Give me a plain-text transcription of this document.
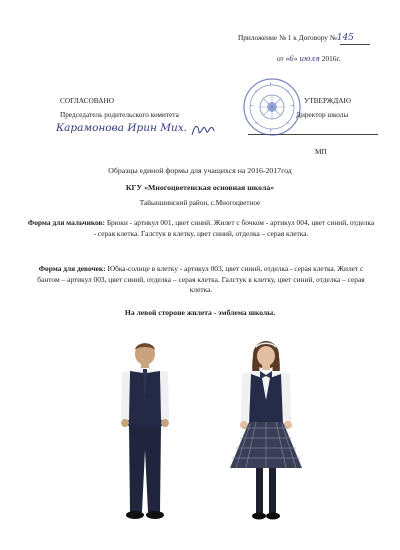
Приложение № 1 к Договору №145
от «6» июля 2016г.
СОГЛАСОВАНО
Председатель родительского комитета
Карамонова Ирин Мих.
УТВЕРЖДАЮ
Директор школы
МП
Образцы единой формы для учащихся на 2016-2017год
КГУ «Многоцветенская основная школа»
Тайыншинский район, с.Многоцветное
Форма для мальчиков: Брюки - артикул 001, цвет синий. Жилет с бочком - артикул 004, цвет синий, отделка - серая клетка. Галстук в клетку, цвет синий, отделка – серая клетка.
Форма для девочек: Юбка-солнце в клетку - артикул 003, цвет синий, отделка - серая клетка. Жилет с бантом – артикул 003, цвет синий, отделка – серая клетка. Галстук в клетку, цвет синий, отделка – серая клетка.
На левой стороне жилета - эмблема школы.
